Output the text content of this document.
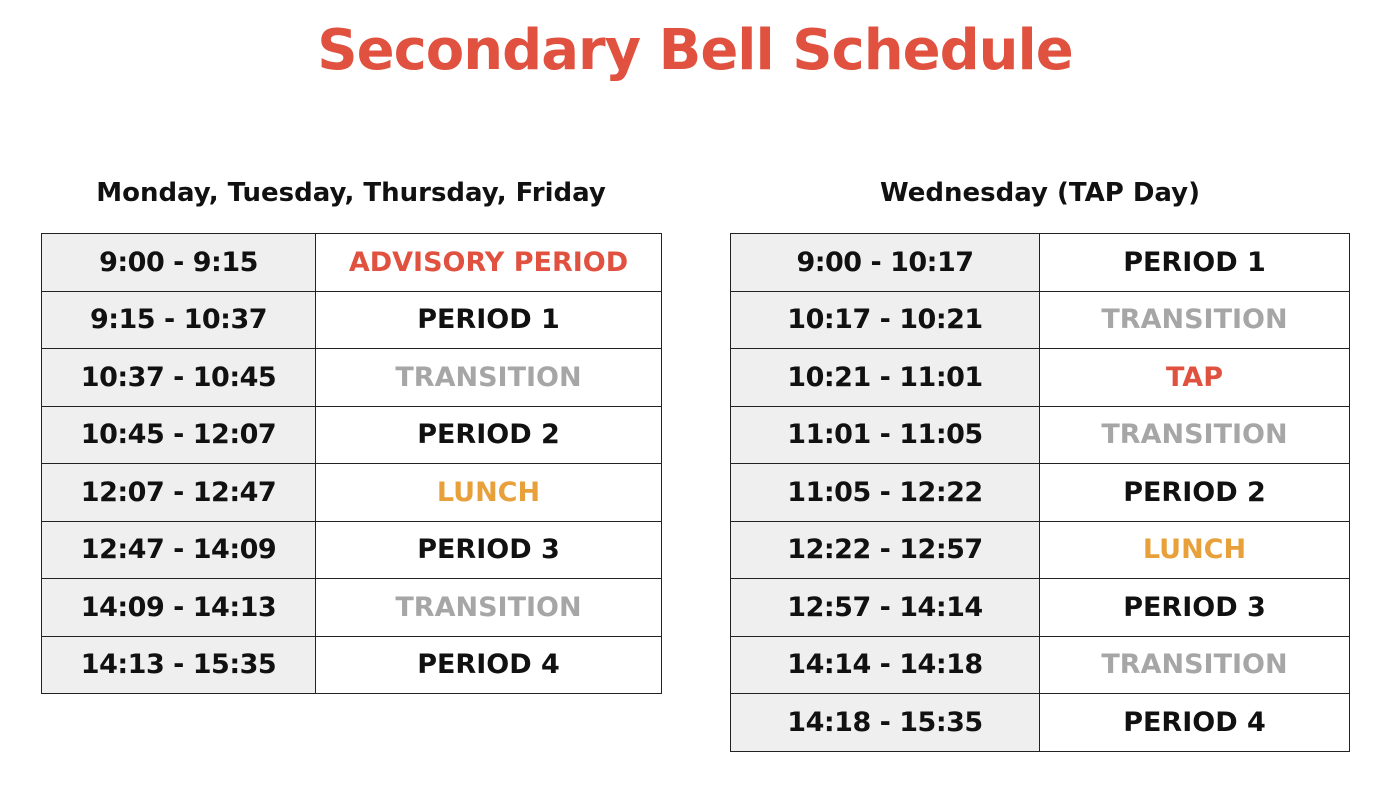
Secondary Bell Schedule
Monday, Tuesday, Thursday, Friday	Wednesday (TAP Day)
9:00 - 9:15	ADVISORY PERIOD
9:15 - 10:37	PERIOD 1
10:37 - 10:45	TRANSITION
10:45 - 12:07	PERIOD 2
12:07 - 12:47	LUNCH
12:47 - 14:09	PERIOD 3
14:09 - 14:13	TRANSITION
14:13 - 15:35	PERIOD 4
9:00 - 10:17	PERIOD 1
10:17 - 10:21	TRANSITION
10:21 - 11:01	TAP
11:01 - 11:05	TRANSITION
11:05 - 12:22	PERIOD 2
12:22 - 12:57	LUNCH
12:57 - 14:14	PERIOD 3
14:14 - 14:18	TRANSITION
14:18 - 15:35	PERIOD 4
